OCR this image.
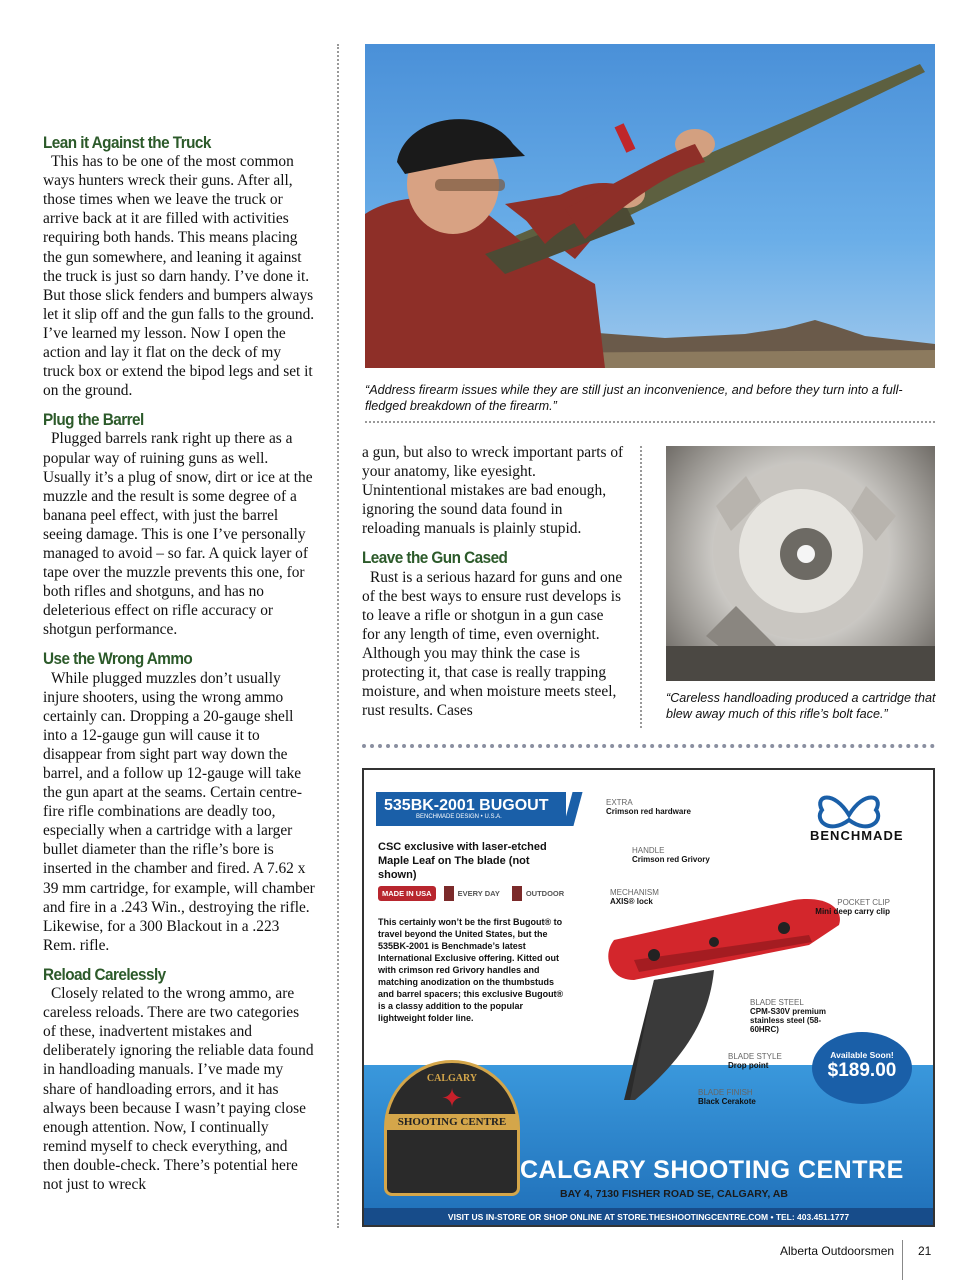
Lean it Against the Truck

This has to be one of the most common ways hunters wreck their guns. After all, those times when we leave the truck or arrive back at it are filled with activities requiring both hands. This means placing the gun somewhere, and leaning it against the truck is just so darn handy. I’ve done it. But those slick fenders and bumpers always let it slip off and the gun falls to the ground. I’ve learned my lesson. Now I open the action and lay it flat on the deck of my truck box or extend the bipod legs and set it on the ground.

Plug the Barrel

Plugged barrels rank right up there as a popular way of ruining guns as well. Usually it’s a plug of snow, dirt or ice at the muzzle and the result is some degree of a banana peel effect, with just the barrel seeing damage. This is one I’ve personally managed to avoid – so far. A quick layer of tape over the muzzle prevents this one, for both rifles and shotguns, and has no deleterious effect on rifle accuracy or shotgun performance.

Use the Wrong Ammo

While plugged muzzles don’t usually injure shooters, using the wrong ammo certainly can. Dropping a 20-gauge shell into a 12-gauge gun will cause it to disappear from sight part way down the barrel, and a follow up 12-gauge will take the gun apart at the seams. Certain centre-fire rifle combinations are deadly too, especially when a cartridge with a larger bullet diameter than the rifle’s bore is inserted in the chamber and fired. A 7.62 x 39 mm cartridge, for example, will chamber and fire in a .243 Win., destroying the rifle. Likewise, for a 300 Blackout in a .223 Rem. rifle.

Reload Carelessly

Closely related to the wrong ammo, are careless reloads. There are two categories of these, inadvertent mistakes and deliberately ignoring the reliable data found in handloading manuals. I’ve made my share of handloading errors, and it has always been because I wasn’t paying close enough attention. Now, I continually remind myself to check everything, and then double-check. There’s potential here not just to wreck

“Address firearm issues while they are still just an inconvenience, and before they turn into a full-fledged breakdown of the firearm.”

a gun, but also to wreck important parts of your anatomy, like eyesight. Unintentional mistakes are bad enough, ignoring the sound data found in reloading manuals is plainly stupid.

Leave the Gun Cased

Rust is a serious hazard for guns and one of the best ways to ensure rust develops is to leave a rifle or shotgun in a gun case for any length of time, even overnight. Although you may think the case is protecting it, that case is really trapping moisture, and when moisture meets steel, rust results. Cases

“Careless handloading produced a cartridge that blew away much of this rifle’s bolt face.”
535BK-2001 BUGOUT
BENCHMADE DESIGN • U.S.A.
CSC exclusive with laser-etched Maple Leaf on The blade (not shown)
MADE IN USA	EVERY DAY	OUTDOOR
This certainly won’t be the first Bugout® to travel beyond the United States, but the 535BK-2001 is Benchmade’s latest International Exclusive offering. Kitted out with crimson red Grivory handles and matching anodization on the thumbstuds and barrel spacers; this exclusive Bugout® is a classy addition to the popular lightweight folder line.
EXTRA
Crimson red hardware
HANDLE
Crimson red Grivory
MECHANISM
AXIS® lock	POCKET CLIP
Mini deep carry clip
BLADE STEEL
CPM-S30V premium stainless steel (58-60HRC)
BLADE STYLE
Drop point
BLADE FINISH
Black Cerakote
BENCHMADE
Available Soon!
$189.00
CALGARY
✦
SHOOTING CENTRE
CALGARY SHOOTING CENTRE
BAY 4, 7130 FISHER ROAD SE, CALGARY, AB
VISIT US IN-STORE OR SHOP ONLINE AT STORE.THESHOOTINGCENTRE.COM • TEL: 403.451.1777
Alberta Outdoorsmen 21
